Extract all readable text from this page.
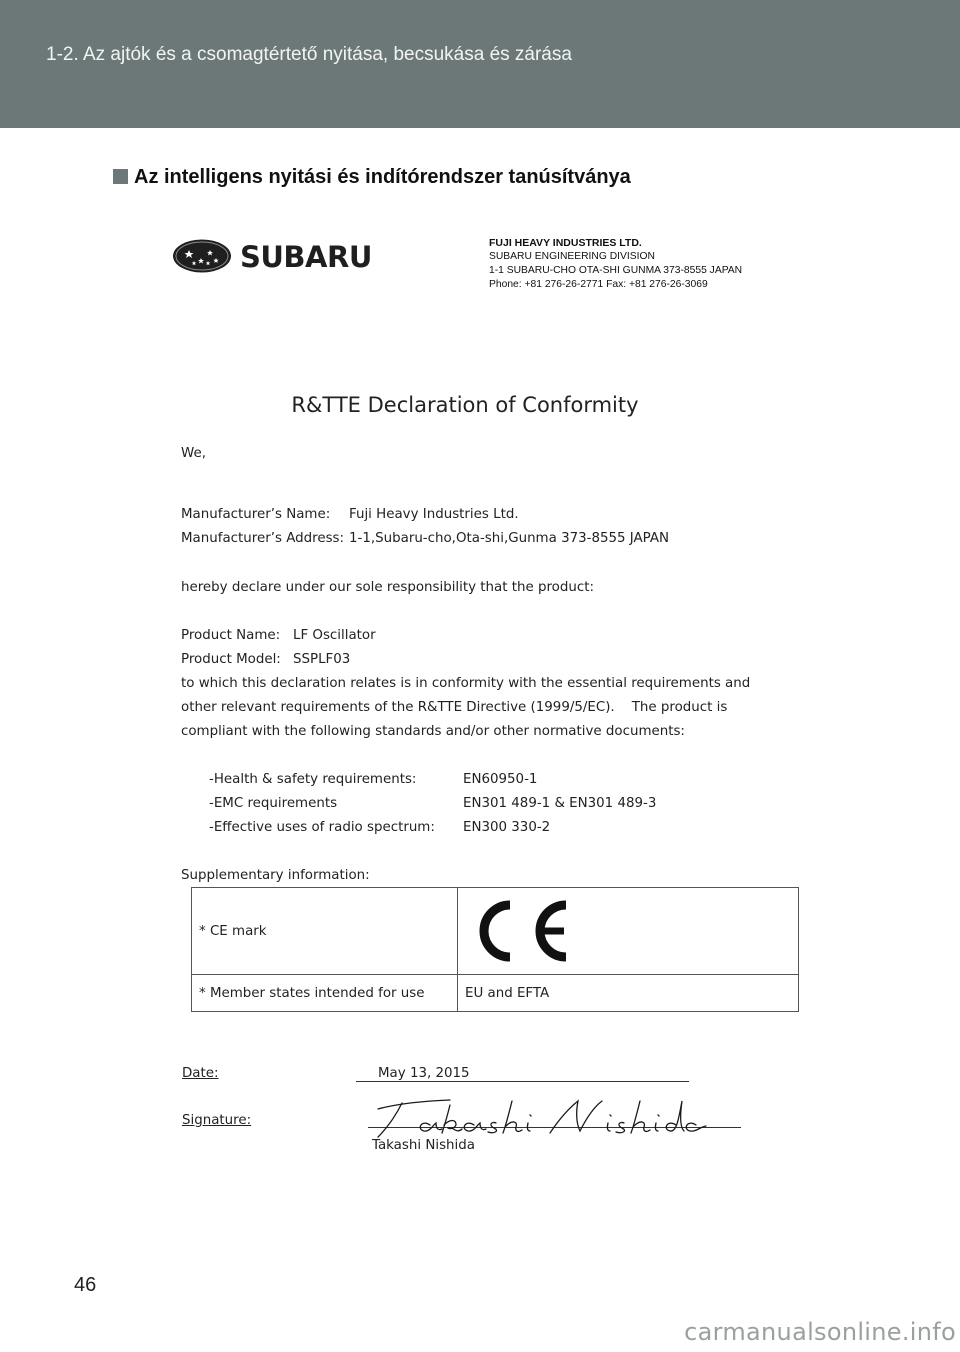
1-2. Az ajtók és a csomagtértető nyitása, becsukása és zárása
Az intelligens nyitási és indítórendszer tanúsítványa
SUBARU	FUJI HEAVY INDUSTRIES LTD.
SUBARU ENGINEERING DIVISION
1-1 SUBARU-CHO OTA-SHI GUNMA 373-8555 JAPAN
Phone: +81 276-26-2771 Fax: +81 276-26-3069
R&TTE Declaration of Conformity
We,
Manufacturer’s Name: Fuji Heavy Industries Ltd.
Manufacturer’s Address: 1-1,Subaru-cho,Ota-shi,Gunma 373-8555 JAPAN
hereby declare under our sole responsibility that the product:
Product Name: LF Oscillator
Product Model: SSPLF03
to which this declaration relates is in conformity with the essential requirements and
other relevant requirements of the R&TTE Directive (1999/5/EC).    The product is
compliant with the following standards and/or other normative documents:
-Health & safety requirements:	EN60950-1
-EMC requirements	EN301 489-1 & EN301 489-3
-Effective uses of radio spectrum: EN300 330-2
Supplementary information:
* CE mark
* Member states intended for use	EU and EFTA
Date:	May 13, 2015
Signature:
Takashi Nishida
46
carmanualsonline.info
